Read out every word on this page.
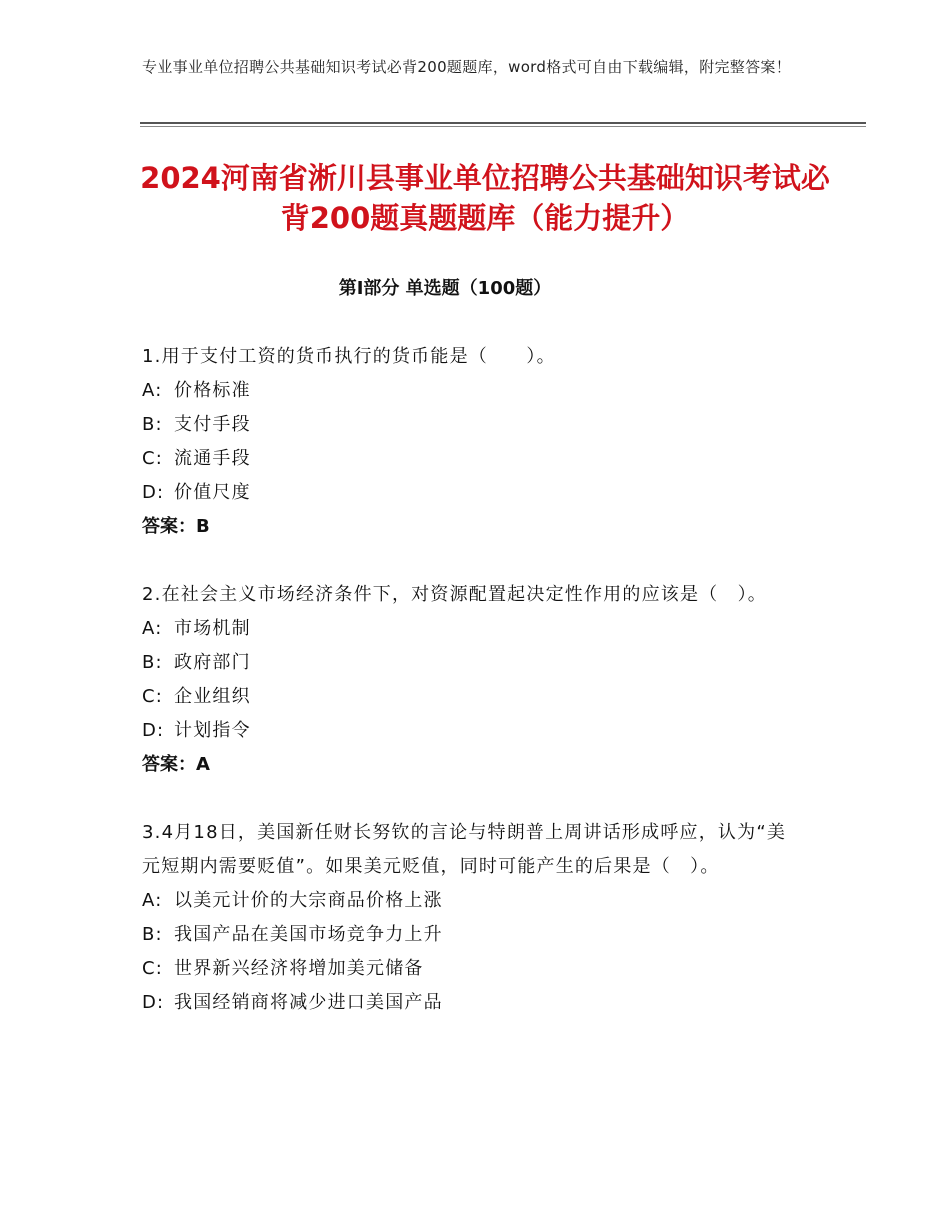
专业事业单位招聘公共基础知识考试必背200题题库，word格式可自由下载编辑，附完整答案！
2024河南省淅川县事业单位招聘公共基础知识考试必背200题真题题库（能力提升）
第Ⅰ部分 单选题（100题）
1.用于支付工资的货币执行的货币能是（　　）。
A: 价格标准
B: 支付手段
C: 流通手段
D: 价值尺度
答案：B
2.在社会主义市场经济条件下，对资源配置起决定性作用的应该是（　）。
A: 市场机制
B: 政府部门
C: 企业组织
D: 计划指令
答案：A
3.4月18日，美国新任财长努钦的言论与特朗普上周讲话形成呼应，认为“美元短期内需要贬值”。如果美元贬值，同时可能产生的后果是（　）。
A: 以美元计价的大宗商品价格上涨
B: 我国产品在美国市场竞争力上升
C: 世界新兴经济将增加美元储备
D: 我国经销商将减少进口美国产品
